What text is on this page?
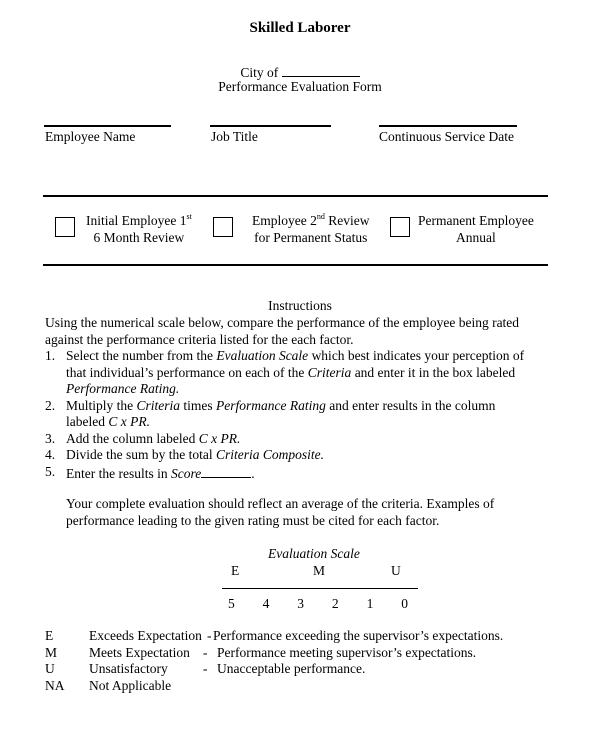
Skilled Laborer
City of
Performance Evaluation Form
Employee Name	Job Title	Continuous Service Date
Initial Employee 1st
6 Month Review
Employee 2nd Review
for Permanent Status
Permanent Employee
Annual
Instructions
Using the numerical scale below, compare the performance of the employee being rated
against the performance criteria listed for the each factor.
1. Select the number from the Evaluation Scale which best indicates your perception of
that individual’s performance on each of the Criteria and enter it in the box labeled
Performance Rating.
2. Multiply the Criteria times Performance Rating and enter results in the column
labeled C x PR.
3. Add the column labeled C x PR.
4. Divide the sum by the total Criteria Composite.
5. Enter the results in Score	.
Your complete evaluation should reflect an average of the criteria. Examples of
performance leading to the given rating must be cited for each factor.
Evaluation Scale
E	M	U
5 4 3 2 1 0
E	Exceeds Expectation - Performance exceeding the supervisor’s expectations.
M Meets Expectation - Performance meeting supervisor’s expectations.
U	Unsatisfactory	- Unacceptable performance.
NA Not Applicable
